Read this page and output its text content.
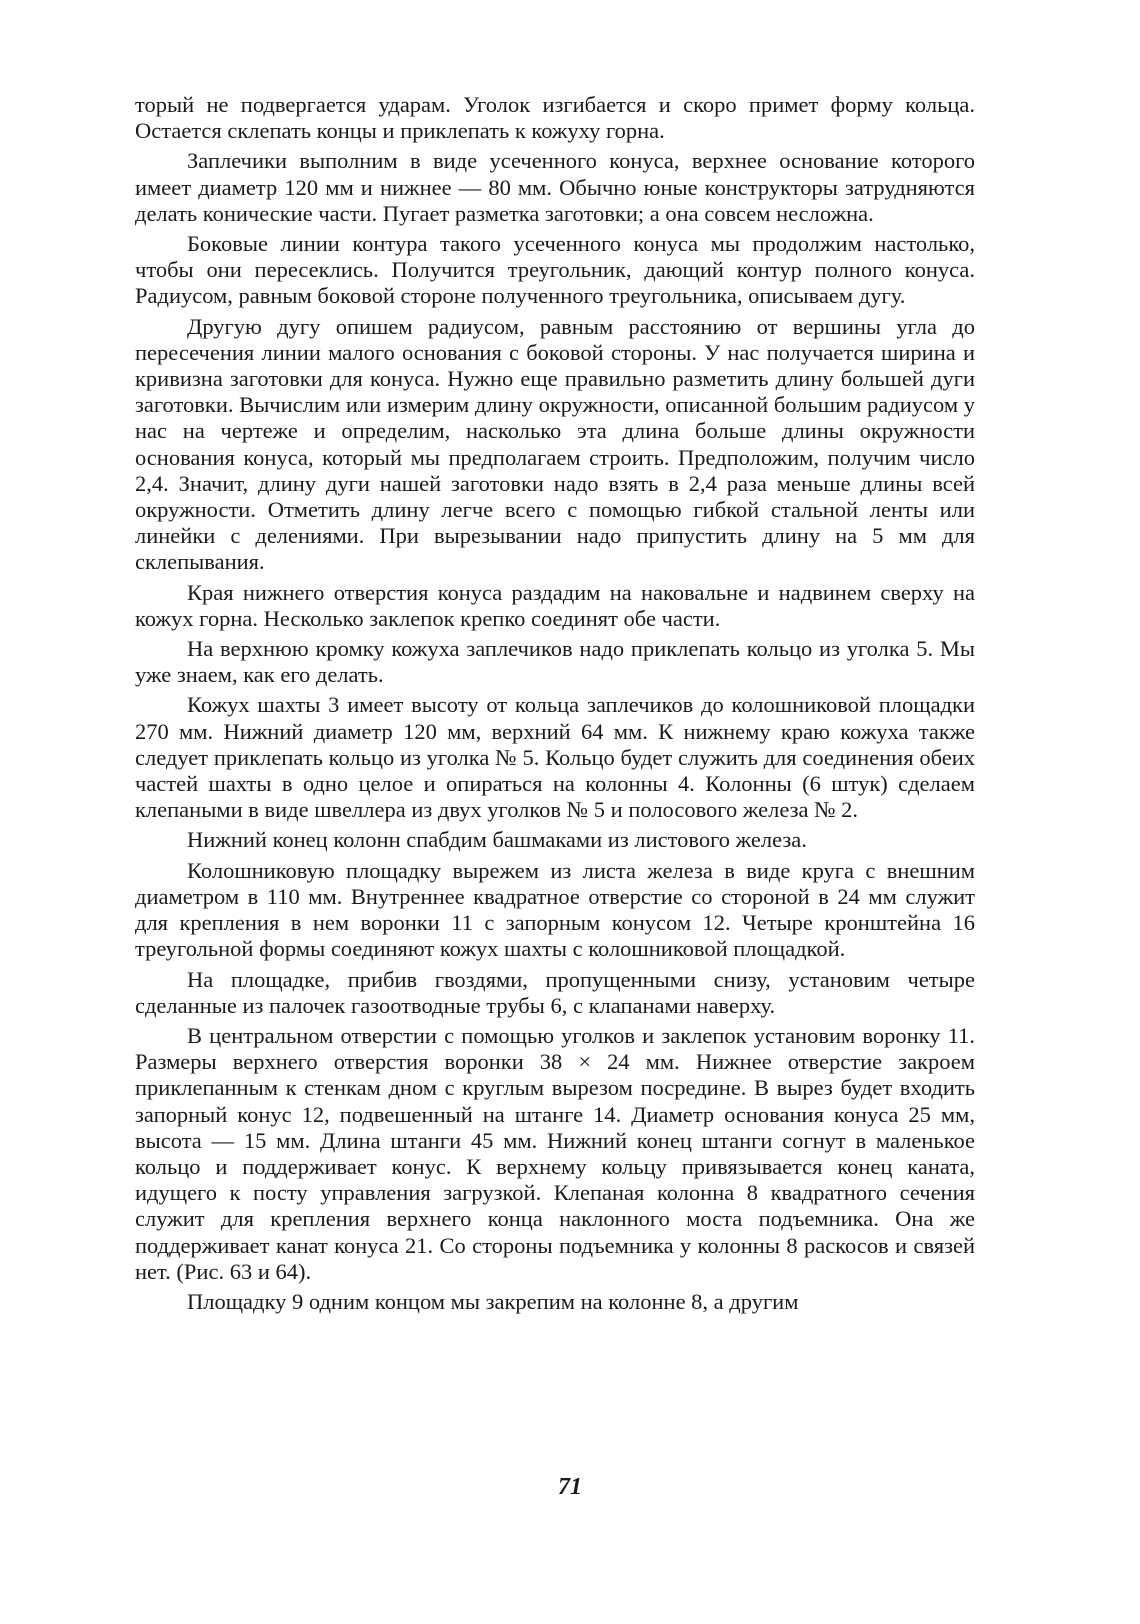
торый не подвергается ударам. Уголок изгибается и скоро примет форму кольца. Остается склепать концы и приклепать к кожуху горна.

Заплечики выполним в виде усеченного конуса, верхнее основание которого имеет диаметр 120 мм и нижнее — 80 мм. Обычно юные конструкторы затрудняются делать конические части. Пугает разметка заготовки; а она совсем несложна.

Боковые линии контура такого усеченного конуса мы продолжим настолько, чтобы они пересеклись. Получится треугольник, дающий контур полного конуса. Радиусом, равным боковой стороне полученного треугольника, описываем дугу.

Другую дугу опишем радиусом, равным расстоянию от вершины угла до пересечения линии малого основания с боковой стороны. У нас получается ширина и кривизна заготовки для конуса. Нужно еще правильно разметить длину большей дуги заготовки. Вычислим или измерим длину окружности, описанной большим радиусом у нас на чертеже и определим, насколько эта длина больше длины окружности основания конуса, который мы предполагаем строить. Предположим, получим число 2,4. Значит, длину дуги нашей заготовки надо взять в 2,4 раза меньше длины всей окружности. Отметить длину легче всего с помощью гибкой стальной ленты или линейки с делениями. При вырезывании надо припустить длину на 5 мм для склепывания.

Края нижнего отверстия конуса раздадим на наковальне и надвинем сверху на кожух горна. Несколько заклепок крепко соединят обе части.

На верхнюю кромку кожуха заплечиков надо приклепать кольцо из уголка 5. Мы уже знаем, как его делать.

Кожух шахты 3 имеет высоту от кольца заплечиков до колошниковой площадки 270 мм. Нижний диаметр 120 мм, верхний 64 мм. К нижнему краю кожуха также следует приклепать кольцо из уголка № 5. Кольцо будет служить для соединения обеих частей шахты в одно целое и опираться на колонны 4. Колонны (6 штук) сделаем клепаными в виде швеллера из двух уголков № 5 и полосового железа № 2.

Нижний конец колонн спабдим башмаками из листового железа.

Колошниковую площадку вырежем из листа железа в виде круга с внешним диаметром в 110 мм. Внутреннее квадратное отверстие со стороной в 24 мм служит для крепления в нем воронки 11 с запорным конусом 12. Четыре кронштейна 16 треугольной формы соединяют кожух шахты с колошниковой площадкой.

На площадке, прибив гвоздями, пропущенными снизу, установим четыре сделанные из палочек газоотводные трубы 6, с клапанами наверху.

В центральном отверстии с помощью уголков и заклепок установим воронку 11. Размеры верхнего отверстия воронки 38 × 24 мм. Нижнее отверстие закроем приклепанным к стенкам дном с круглым вырезом посредине. В вырез будет входить запорный конус 12, подвешенный на штанге 14. Диаметр основания конуса 25 мм, высота — 15 мм. Длина штанги 45 мм. Нижний конец штанги согнут в маленькое кольцо и поддерживает конус. К верхнему кольцу привязывается конец каната, идущего к посту управления загрузкой. Клепаная колонна 8 квадратного сечения служит для крепления верхнего конца наклонного моста подъемника. Она же поддерживает канат конуса 21. Со стороны подъемника у колонны 8 раскосов и связей нет. (Рис. 63 и 64).

Площадку 9 одним концом мы закрепим на колонне 8, а другим

71
